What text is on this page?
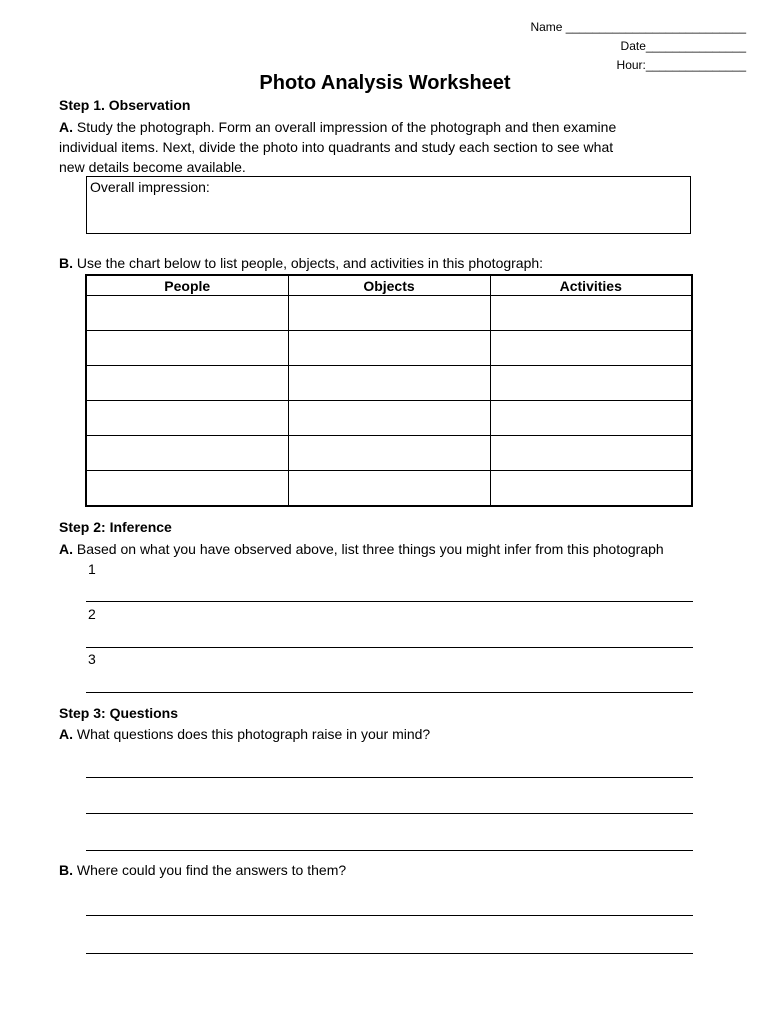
Name ___________________________
Date_______________
Hour:_______________
Photo Analysis Worksheet
Step 1. Observation
A. Study the photograph. Form an overall impression of the photograph and then examine
individual items. Next, divide the photo into quadrants and study each section to see what
new details become available.
Overall impression:
B. Use the chart below to list people, objects, and activities in this photograph:
People	Objects	Activities

Step 2: Inference
A. Based on what you have observed above, list three things you might infer from this photograph
1
2
3
Step 3: Questions
A. What questions does this photograph raise in your mind?
B. Where could you find the answers to them?
